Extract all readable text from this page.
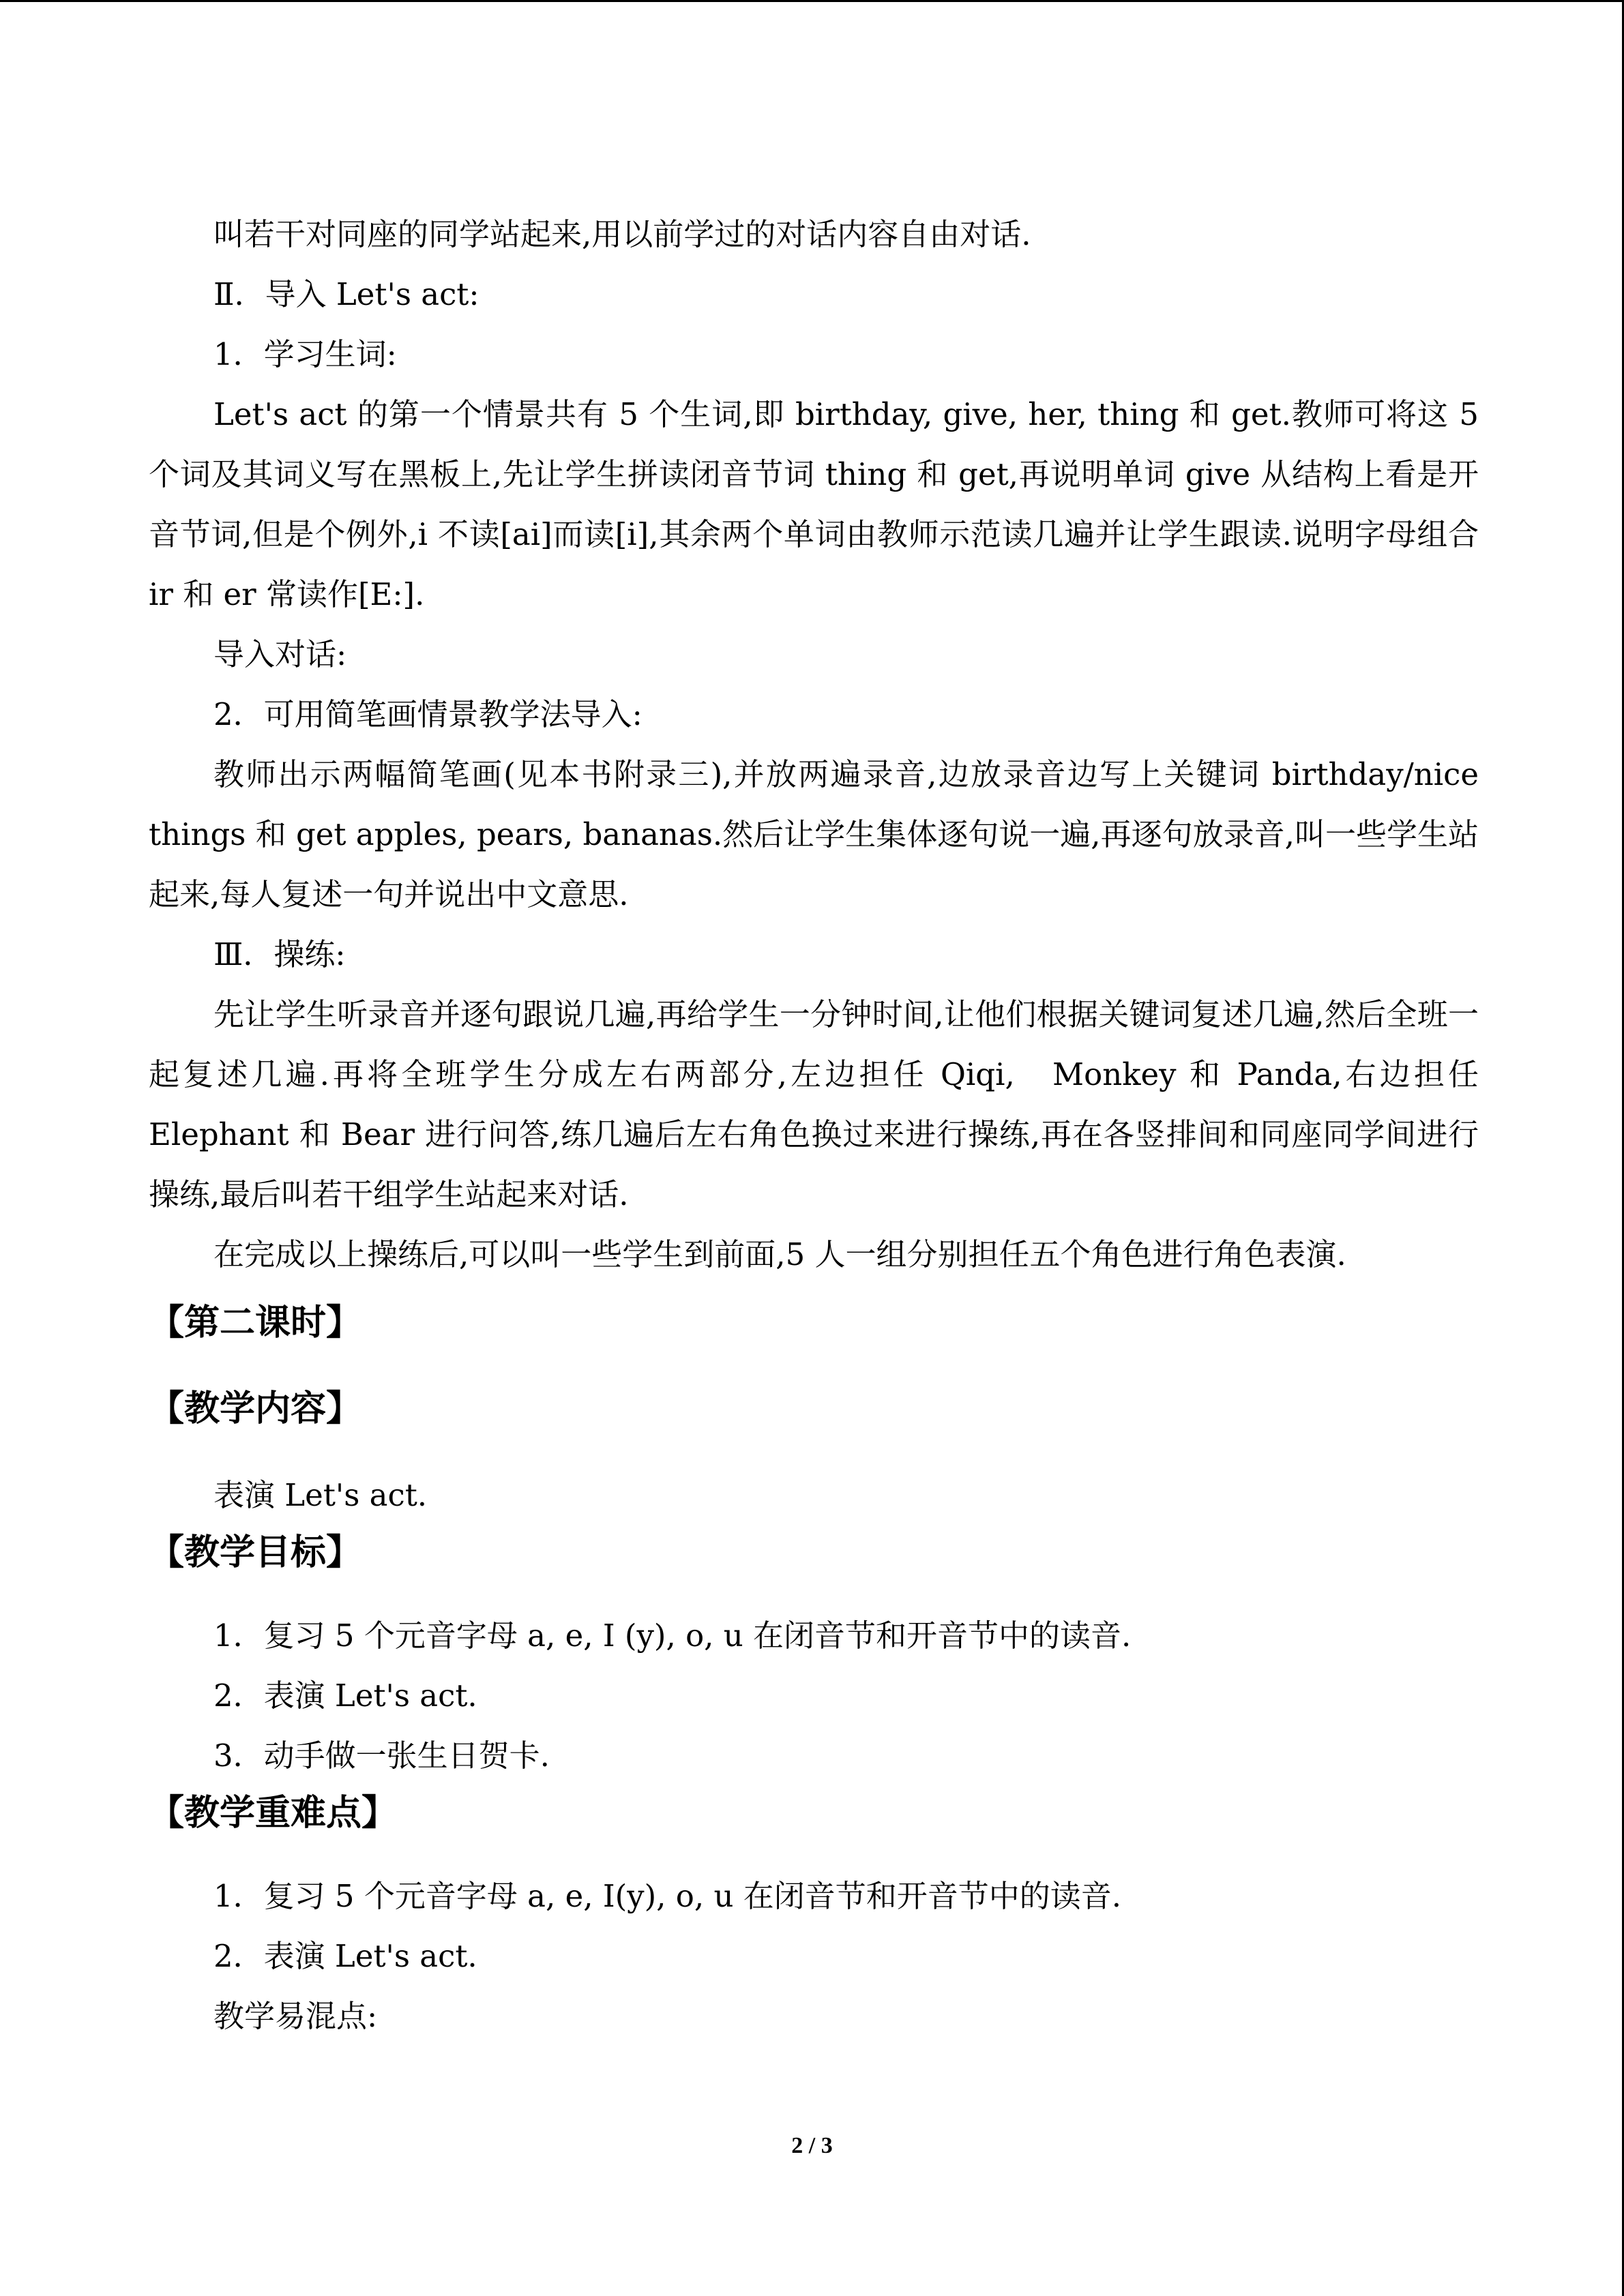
叫若干对同座的同学站起来,用以前学过的对话内容自由对话.

Ⅱ．导入 Let's act:

1．学习生词:

Let's act 的第一个情景共有 5 个生词,即 birthday, give, her, thing 和 get.教师可将这 5 个词及其词义写在黑板上,先让学生拼读闭音节词 thing 和 get,再说明单词 give 从结构上看是开音节词,但是个例外,i 不读[ai]而读[i],其余两个单词由教师示范读几遍并让学生跟读.说明字母组合 ir 和 er 常读作[E:].

导入对话:

2．可用简笔画情景教学法导入:

教师出示两幅简笔画(见本书附录三),并放两遍录音,边放录音边写上关键词 birthday/nice things 和 get apples, pears, bananas.然后让学生集体逐句说一遍,再逐句放录音,叫一些学生站起来,每人复述一句并说出中文意思.

Ⅲ．操练:

先让学生听录音并逐句跟说几遍,再给学生一分钟时间,让他们根据关键词复述几遍,然后全班一起复述几遍.再将全班学生分成左右两部分,左边担任 Qiqi,　Monkey 和 Panda,右边担任 Elephant 和 Bear 进行问答,练几遍后左右角色换过来进行操练,再在各竖排间和同座同学间进行操练,最后叫若干组学生站起来对话.

在完成以上操练后,可以叫一些学生到前面,5 人一组分别担任五个角色进行角色表演.

【第二课时】
【教学内容】

表演 Let's act.

【教学目标】

1．复习 5 个元音字母 a, e, I (y), o, u 在闭音节和开音节中的读音.

2．表演 Let's act.

3．动手做一张生日贺卡.

【教学重难点】

1．复习 5 个元音字母 a, e, I(y), o, u 在闭音节和开音节中的读音.

2．表演 Let's act.

教学易混点:

2 / 3
